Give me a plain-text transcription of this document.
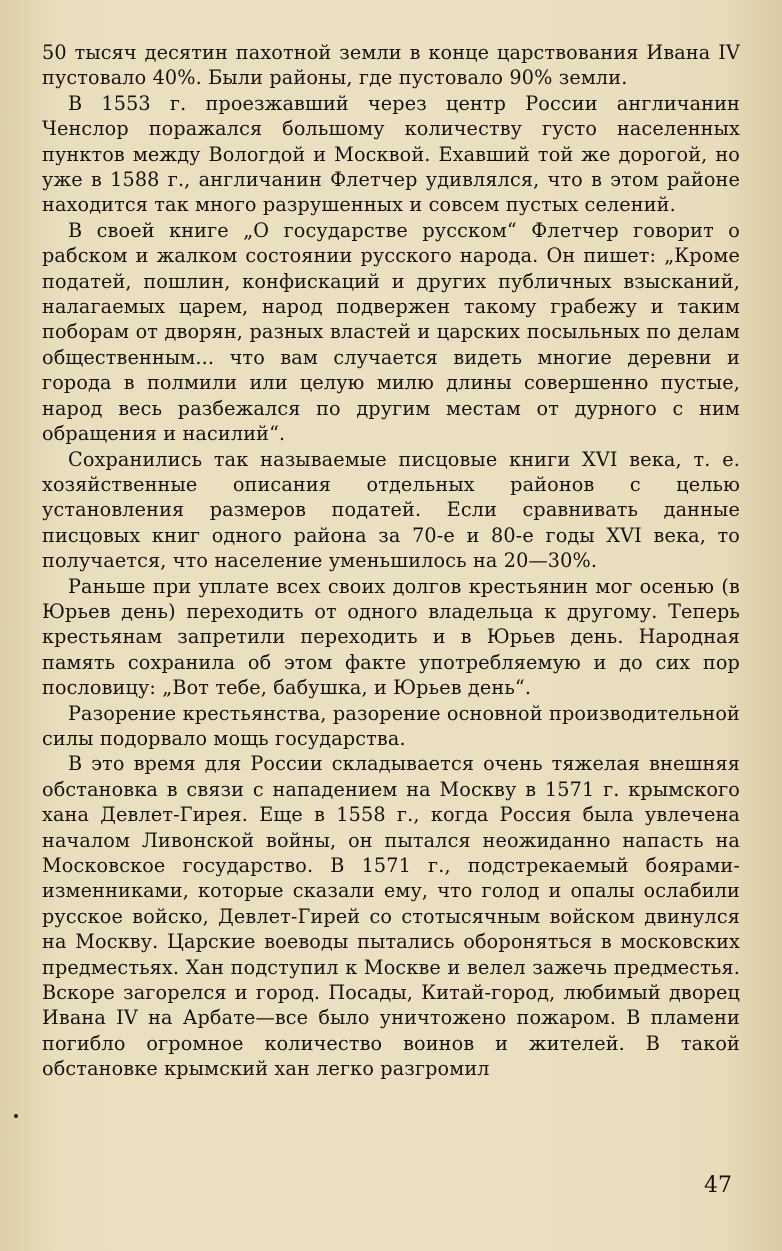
50 тысяч десятин пахотной земли в конце царствования Ивана IV пустовало 40%. Были районы, где пустовало 90% земли.

В 1553 г. проезжавший через центр России англичанин Ченслор поражался большому количеству густо населенных пунктов между Вологдой и Москвой. Ехавший той же дорогой, но уже в 1588 г., англичанин Флетчер удивлялся, что в этом районе находится так много разрушенных и совсем пустых селений.

В своей книге „О государстве русском“ Флетчер говорит о рабском и жалком состоянии русского народа. Он пишет: „Кроме податей, пошлин, конфискаций и других публичных взысканий, налагаемых царем, народ подвержен такому грабежу и таким поборам от дворян, разных властей и царских посыльных по делам общественным... что вам случается видеть многие деревни и города в полмили или целую милю длины совершенно пустые, народ весь разбежался по другим местам от дурного с ним обращения и насилий“.

Сохранились так называемые писцовые книги XVI века, т. е. хозяйственные описания отдельных районов с целью установления размеров податей. Если сравнивать данные писцовых книг одного района за 70-е и 80-е годы XVI века, то получается, что население уменьшилось на 20—30%.

Раньше при уплате всех своих долгов крестьянин мог осенью (в Юрьев день) переходить от одного владельца к другому. Теперь крестьянам запретили переходить и в Юрьев день. Народная память сохранила об этом факте употребляемую и до сих пор пословицу: „Вот тебе, бабушка, и Юрьев день“.

Разорение крестьянства, разорение основной производительной силы подорвало мощь государства.

В это время для России складывается очень тяжелая внешняя обстановка в связи с нападением на Москву в 1571 г. крымского хана Девлет-Гирея. Еще в 1558 г., когда Россия была увлечена началом Ливонской войны, он пытался неожиданно напасть на Московское государство. В 1571 г., подстрекаемый боярами-изменниками, которые сказали ему, что голод и опалы ослабили русское войско, Девлет-Гирей со стотысячным войском двинулся на Москву. Царские воеводы пытались обороняться в московских предместьях. Хан подступил к Москве и велел зажечь предместья. Вскоре загорелся и город. Посады, Китай-город, любимый дворец Ивана IV на Арбате—все было уничтожено пожаром. В пламени погибло огромное количество воинов и жителей. В такой обстановке крымский хан легко разгромил

47
